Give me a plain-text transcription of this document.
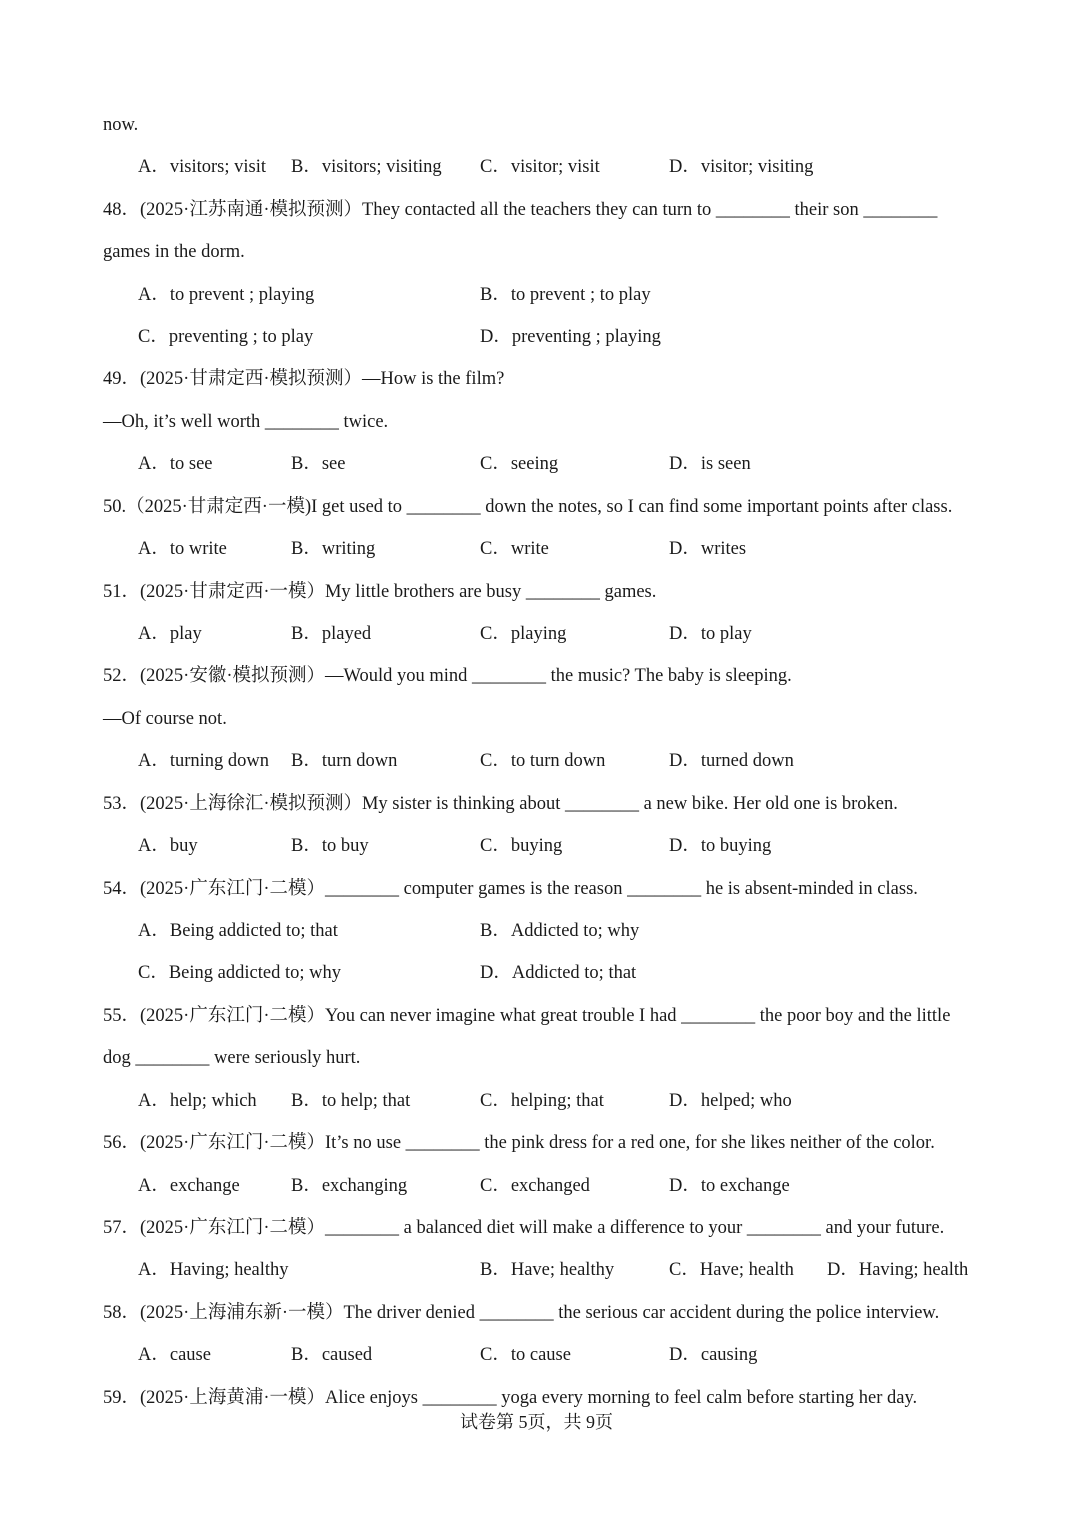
now.
A．visitors; visit B．visitors; visiting C．visitor; visit	D．visitor; visiting
48．(2025·江苏南通·模拟预测）They contacted all the teachers they can turn to ________ their son ________
games in the dorm.
A．to prevent ; playing	B．to prevent ; to play
C．preventing ; to play	D．preventing ; playing
49．(2025·甘肃定西·模拟预测）—How is the film?
—Oh, it’s well worth ________ twice.
A．to see	B．see	C．seeing	D．is seen
50.（2025·甘肃定西·一模)I get used to ________ down the notes, so I can find some important points after class.
A．to write	B．writing	C．write	D．writes
51．(2025·甘肃定西·一模）My little brothers are busy ________ games.
A．play	B．played	C．playing	D．to play
52．(2025·安徽·模拟预测）—Would you mind ________ the music? The baby is sleeping.
—Of course not.
A．turning down B．turn down	C．to turn down	D．turned down
53．(2025·上海徐汇·模拟预测）My sister is thinking about ________ a new bike. Her old one is broken.
A．buy	B．to buy	C．buying	D．to buying
54．(2025·广东江门·二模）________ computer games is the reason ________ he is absent-minded in class.
A．Being addicted to; that	B．Addicted to; why
C．Being addicted to; why	D．Addicted to; that
55．(2025·广东江门·二模）You can never imagine what great trouble I had ________ the poor boy and the little
dog ________ were seriously hurt.
A．help; which B．to help; that	C．helping; that	D．helped; who
56．(2025·广东江门·二模）It’s no use ________ the pink dress for a red one, for she likes neither of the color.
A．exchange	B．exchanging	C．exchanged	D．to exchange
57．(2025·广东江门·二模）________ a balanced diet will make a difference to your ________ and your future.
A．Having; healthy	B．Have; healthy	C．Have; health D．Having; health
58．(2025·上海浦东新·一模）The driver denied ________ the serious car accident during the police interview.
A．cause	B．caused	C．to cause	D．causing
59．(2025·上海黄浦·一模）Alice enjoys ________ yoga every morning to feel calm before starting her day.
试卷第 5页，共 9页
